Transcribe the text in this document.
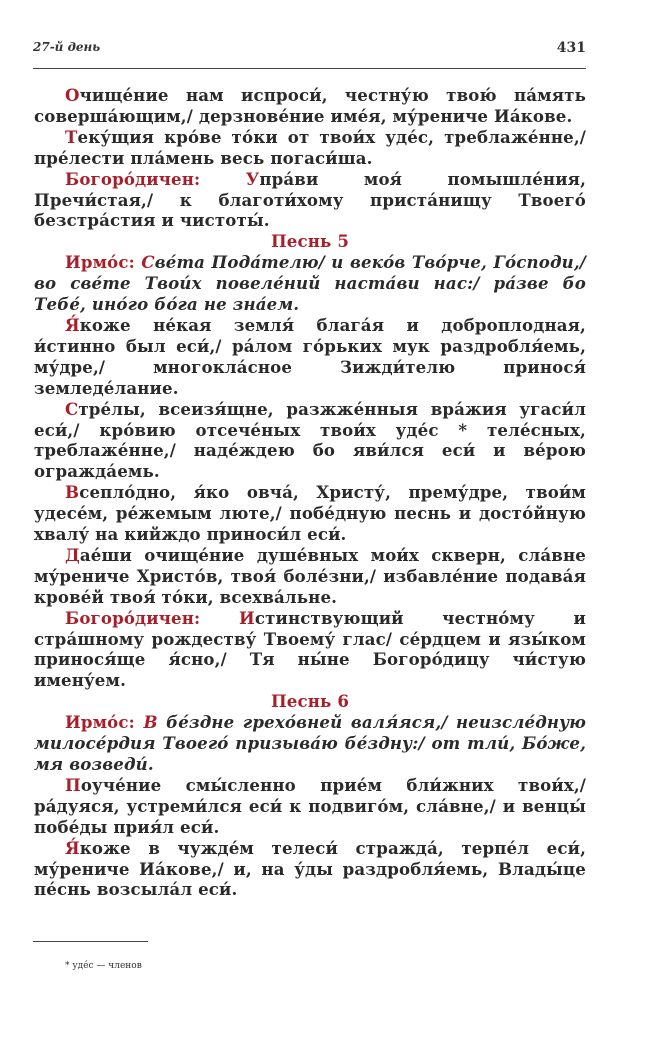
27-й день	431

Очище́ние нам испроси́, честну́ю твою́ па́мять соверша́ющим,/ дерзнове́ние име́я, му́рениче Иа́кове.

Теку́щия кро́ве то́ки от твои́х уде́с, треблаже́нне,/ пре́лести пла́мень весь погаси́ша.

Богоро́дичен:	Упра́ви моя́ помышле́ния, Пречи́стая,/ к благоти́хому приста́нищу Твоего́ безстра́стия и чистоты́.

Песнь 5

Ирмо́с: Све́та Пода́телю/ и веко́в Тво́рче, Го́споди,/ во све́те Твои́х повеле́ний наста́ви нас:/ ра́зве бо Тебе́, ино́го бо́га не зна́ем.

Я́коже не́кая земля́ блага́я и доброплодная, и́стинно был еси́,/ ра́лом го́рьких мук раздробля́емь, му́дре,/ многокла́сное Зижди́телю принося́ земледе́лание.

Стре́лы, всеизя́щне, разжже́нныя вра́жия угаси́л еси́,/ кро́вию отсече́ных твои́х уде́с * теле́сных, треблаже́нне,/ наде́ждею бо яви́лся еси́ и ве́рою огражда́емь.

Всепло́дно, я́ко овча́, Христу́, прему́дре, твои́м удесе́м, ре́жемым люте,/ побе́дную песнь и досто́йную хвалу́ на кийждо приноси́л еси́.

Дае́ши очище́ние душе́вных мои́х скверн, сла́вне му́рениче Христо́в, твоя́ боле́зни,/ избавле́ние подава́я крове́й твоя́ то́ки, всехва́льне.

Богоро́дичен: Истинствующий честно́му и стра́шному рождеству́ Твоему́ глас/ се́рдцем и язы́ком принося́ще я́сно,/ Тя ны́не Богоро́дицу чи́стую имену́ем.

Песнь 6

Ирмо́с: В бе́здне грехо́вней валя́яся,/ неизсле́дную милосе́рдия Твоего́ призыва́ю бе́здну:/ от тли́, Бо́же, мя возведи́.

Поуче́ние смы́сленно прие́м бли́жних твои́х,/ ра́дуяся, устреми́лся еси́ к подвиго́м, сла́вне,/ и венцы́ побе́ды прия́л еси́.

Я́коже в чужде́м телеси́ стражда́, терпе́л еси́, му́рениче Иа́кове,/ и, на у́ды раздробля́емь, Влады́це пе́снь возсыла́л еси́.

* уде́с — членов
